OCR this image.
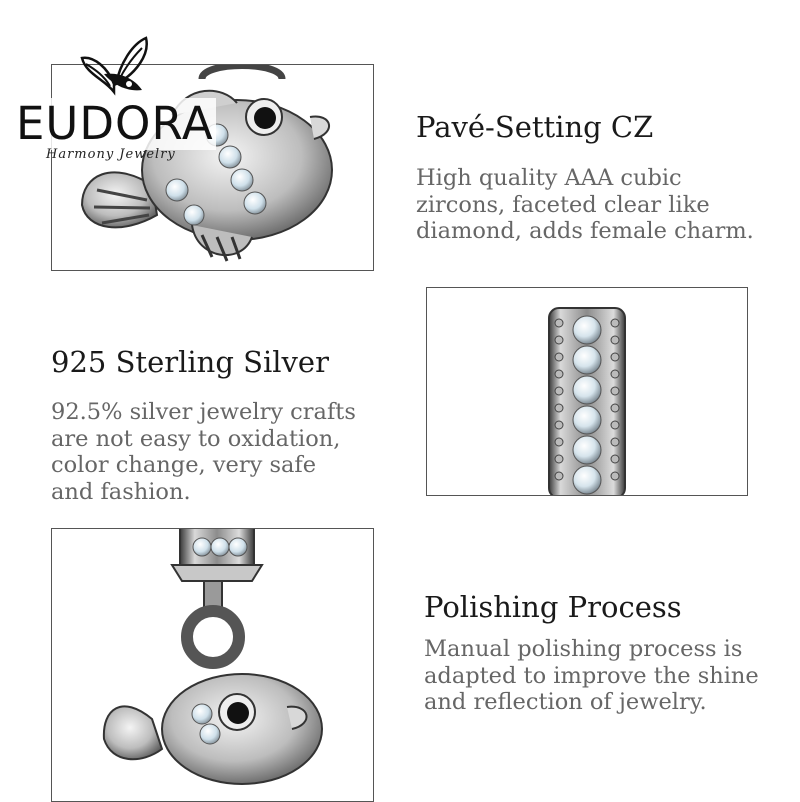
EUDORA
Harmony Jewelry
Pavé-Setting CZ
High quality AAA cubic
zircons, faceted clear like
diamond, adds female charm.
925 Sterling Silver
92.5% silver jewelry crafts
are not easy to oxidation,
color change, very safe
and fashion.
Polishing Process
Manual polishing process is
adapted to improve the shine
and reflection of jewelry.
